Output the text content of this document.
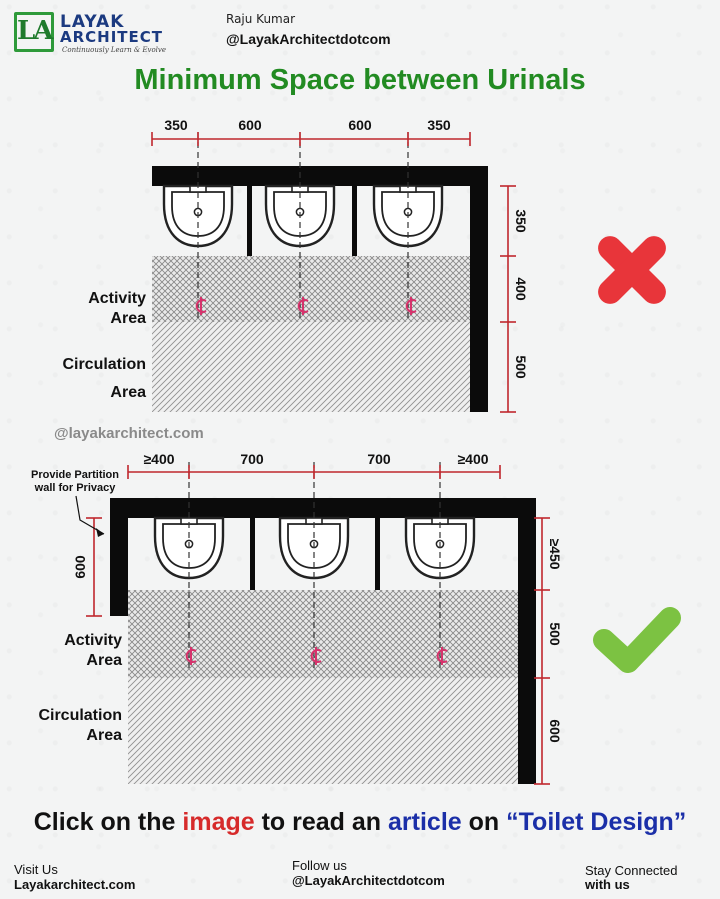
LA LAYAK
ARCHITECT
Continuously Learn & Evolve
Raju Kumar
@LayakArchitectdotcom
Minimum Space between Urinals
350	600	600	350
350
400
500
Activity
Area
Circulation
Area
≥400	700	700	≥400
600
Provide Partition
wall for Privacy
≥450
500
600
Activity
Area
Circulation
Area
@layakarchitect.com
Click on the image to read an article on “Toilet Design”
Visit Us
Layakarchitect.com
Follow us
@LayakArchitectdotcom
Stay Connected
with us
